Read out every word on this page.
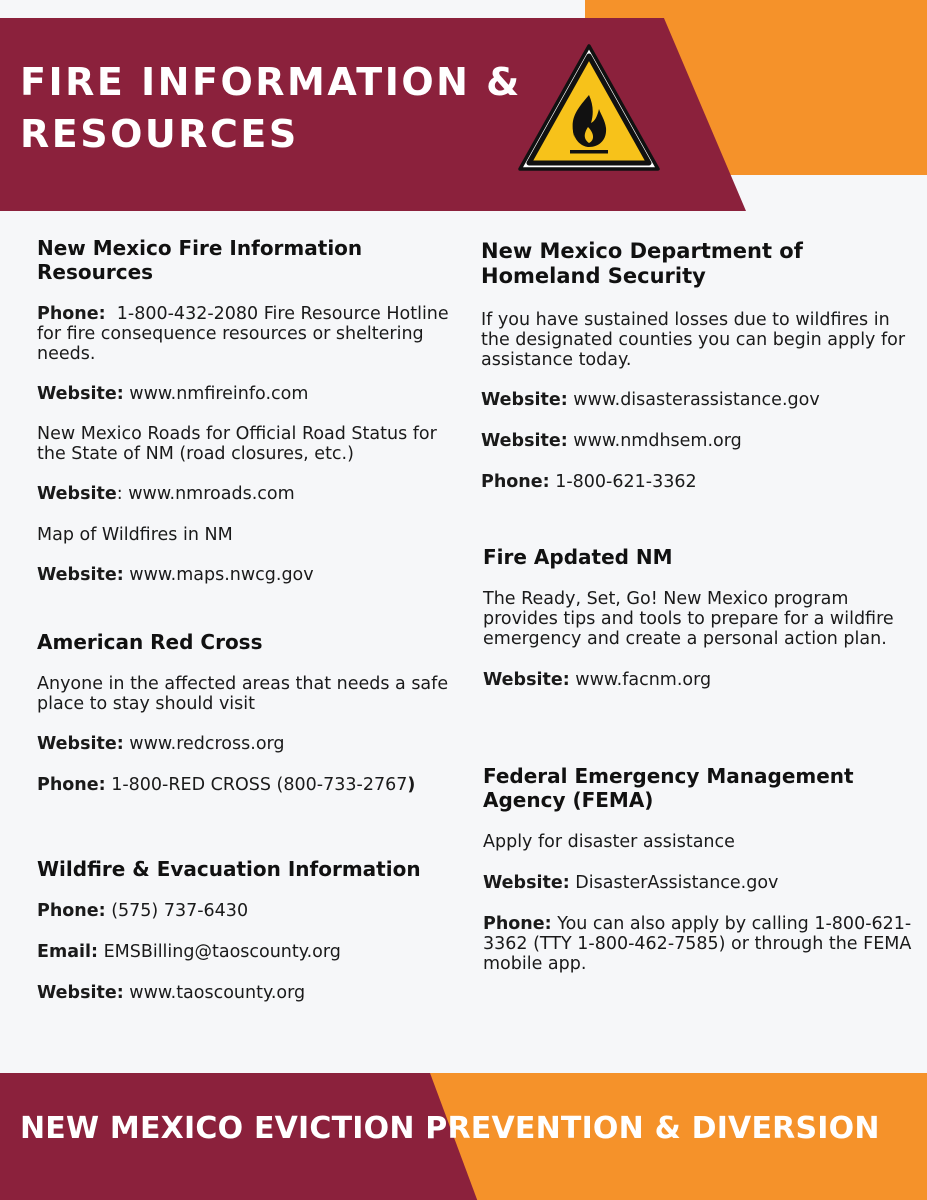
FIRE INFORMATION &
RESOURCES
New Mexico Fire Information
Resources

Phone:  1-800-432-2080 Fire Resource Hotline for fire consequence resources or sheltering needs.

Website: www.nmfireinfo.com

New Mexico Roads for Official Road Status for the State of NM (road closures, etc.)

Website: www.nmroads.com

Map of Wildfires in NM

Website: www.maps.nwcg.gov

American Red Cross

Anyone in the affected areas that needs a safe place to stay should visit

Website: www.redcross.org

Phone: 1-800-RED CROSS (800-733-2767)

Wildfire & Evacuation Information

Phone: (575) 737-6430

Email: EMSBilling@taoscounty.org

Website: www.taoscounty.org

New Mexico Department of
Homeland Security

If you have sustained losses due to wildfires in the designated counties you can begin apply for assistance today.

Website: www.disasterassistance.gov

Website: www.nmdhsem.org

Phone: 1-800-621-3362

Fire Apdated NM

The Ready, Set, Go! New Mexico program provides tips and tools to prepare for a wildfire emergency and create a personal action plan.

Website: www.facnm.org

Federal Emergency Management
Agency (FEMA)

Apply for disaster assistance

Website: DisasterAssistance.gov

Phone: You can also apply by calling 1-800-621-3362 (TTY 1-800-462-7585) or through the FEMA mobile app.

NEW MEXICO EVICTION PREVENTION & DIVERSION
